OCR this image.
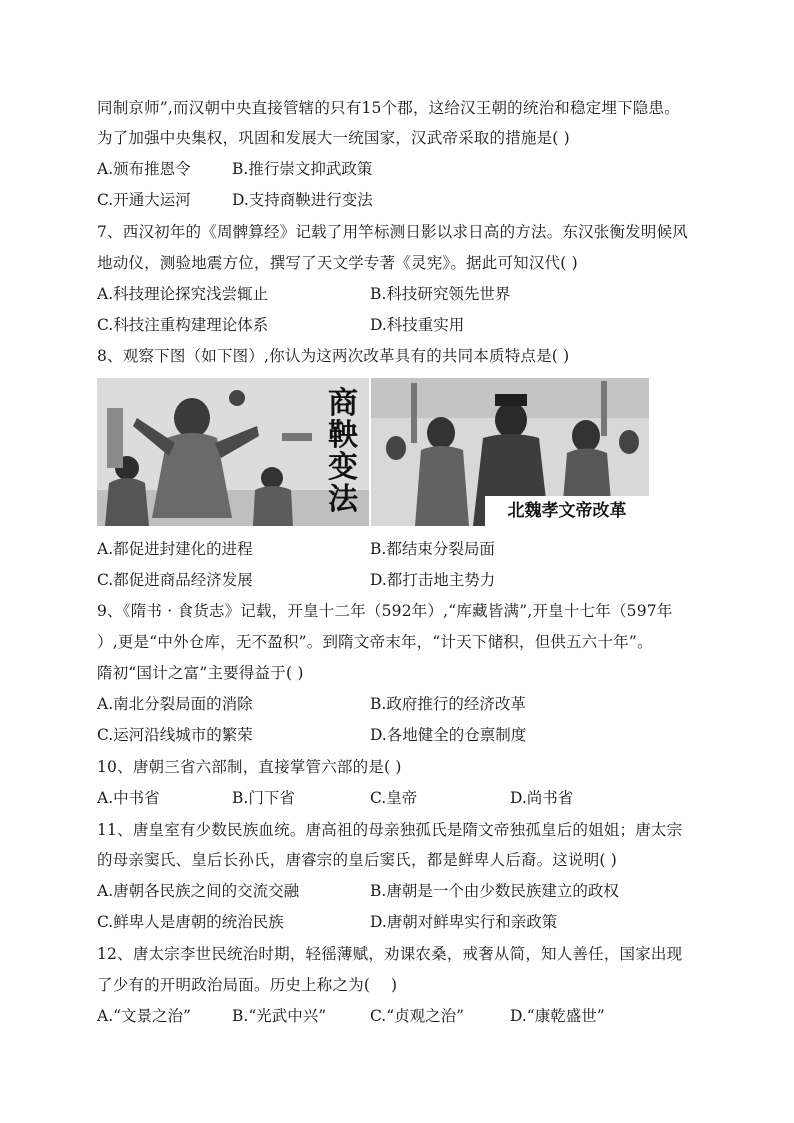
同制京师”,而汉朝中央直接管辖的只有15个郡，这给汉王朝的统治和稳定埋下隐患。
为了加强中央集权，巩固和发展大一统国家，汉武帝采取的措施是( )
A.颁布推恩令	B.推行崇文抑武政策
C.开通大运河	D.支持商鞅进行变法
7、西汉初年的《周髀算经》记载了用竿标测日影以求日高的方法。东汉张衡发明候风
地动仪，测验地震方位，撰写了天文学专著《灵宪》。据此可知汉代( )
A.科技理论探究浅尝辄止	B.科技研究领先世界
C.科技注重构建理论体系	D.科技重实用
8、观察下图（如下图）,你认为这两次改革具有的共同本质特点是( )
商鞅变法	北魏孝文帝改革
A.都促进封建化的进程	B.都结束分裂局面
C.都促进商品经济发展	D.都打击地主势力
9、《隋书 · 食货志》记载，开皇十二年（592年）,“库藏皆满”,开皇十七年（597年
）,更是“中外仓库，无不盈积”。到隋文帝末年，“计天下储积，但供五六十年”。
隋初“国计之富”主要得益于( )
A.南北分裂局面的消除	B.政府推行的经济改革
C.运河沿线城市的繁荣	D.各地健全的仓禀制度
10、唐朝三省六部制，直接掌管六部的是( )
A.中书省	B.门下省	C.皇帝	D.尚书省
11、唐皇室有少数民族血统。唐高祖的母亲独孤氏是隋文帝独孤皇后的姐姐；唐太宗
的母亲窦氏、皇后长孙氏，唐睿宗的皇后窦氏，都是鲜卑人后裔。这说明( )
A.唐朝各民族之间的交流交融	B.唐朝是一个由少数民族建立的政权
C.鲜卑人是唐朝的统治民族	D.唐朝对鲜卑实行和亲政策
12、唐太宗李世民统治时期，轻徭薄赋，劝课农桑，戒奢从简，知人善任，国家出现
了少有的开明政治局面。历史上称之为(　 )
A.“文景之治”	B.“光武中兴”	C.“贞观之治”	D.“康乾盛世”
